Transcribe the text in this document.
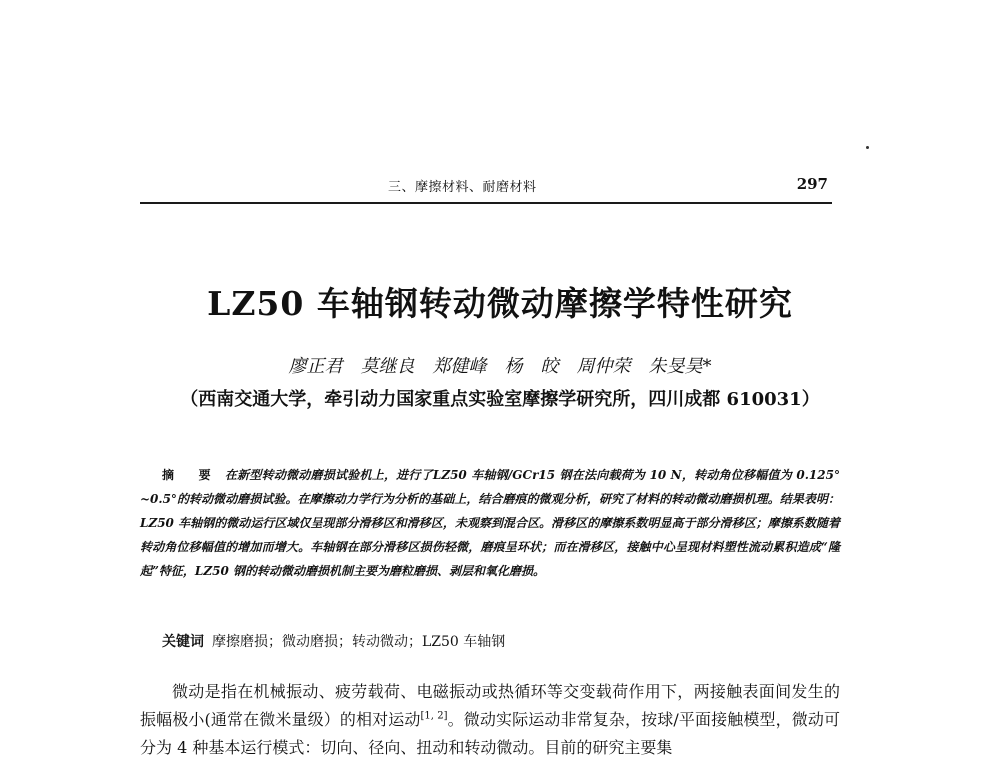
三、摩擦材料、耐磨材料	297
LZ50 车轴钢转动微动摩擦学特性研究
廖正君　莫继良　郑健峰　杨　皎　周仲荣　朱旻昊*
（西南交通大学，牵引动力国家重点实验室摩擦学研究所，四川成都 610031）
摘 要 在新型转动微动磨损试验机上，进行了LZ50 车轴钢/GCr15 钢在法向载荷为 10 N，转动角位移幅值为 0.125° ~0.5°的转动微动磨损试验。在摩擦动力学行为分析的基础上，结合磨痕的微观分析，研究了材料的转动微动磨损机理。结果表明：LZ50 车轴钢的微动运行区域仅呈现部分滑移区和滑移区，未观察到混合区。滑移区的摩擦系数明显高于部分滑移区；摩擦系数随着转动角位移幅值的增加而增大。车轴钢在部分滑移区损伤轻微，磨痕呈环状；而在滑移区，接触中心呈现材料塑性流动累积造成“隆起”特征，LZ50 钢的转动微动磨损机制主要为磨粒磨损、剥层和氧化磨损。
关键词 摩擦磨损；微动磨损；转动微动；LZ50 车轴钢
微动是指在机械振动、疲劳载荷、电磁振动或热循环等交变载荷作用下，两接触表面间发生的振幅极小(通常在微米量级）的相对运动[1, 2]。微动实际运动非常复杂，按球/平面接触模型，微动可分为 4 种基本运行模式：切向、径向、扭动和转动微动。目前的研究主要集
